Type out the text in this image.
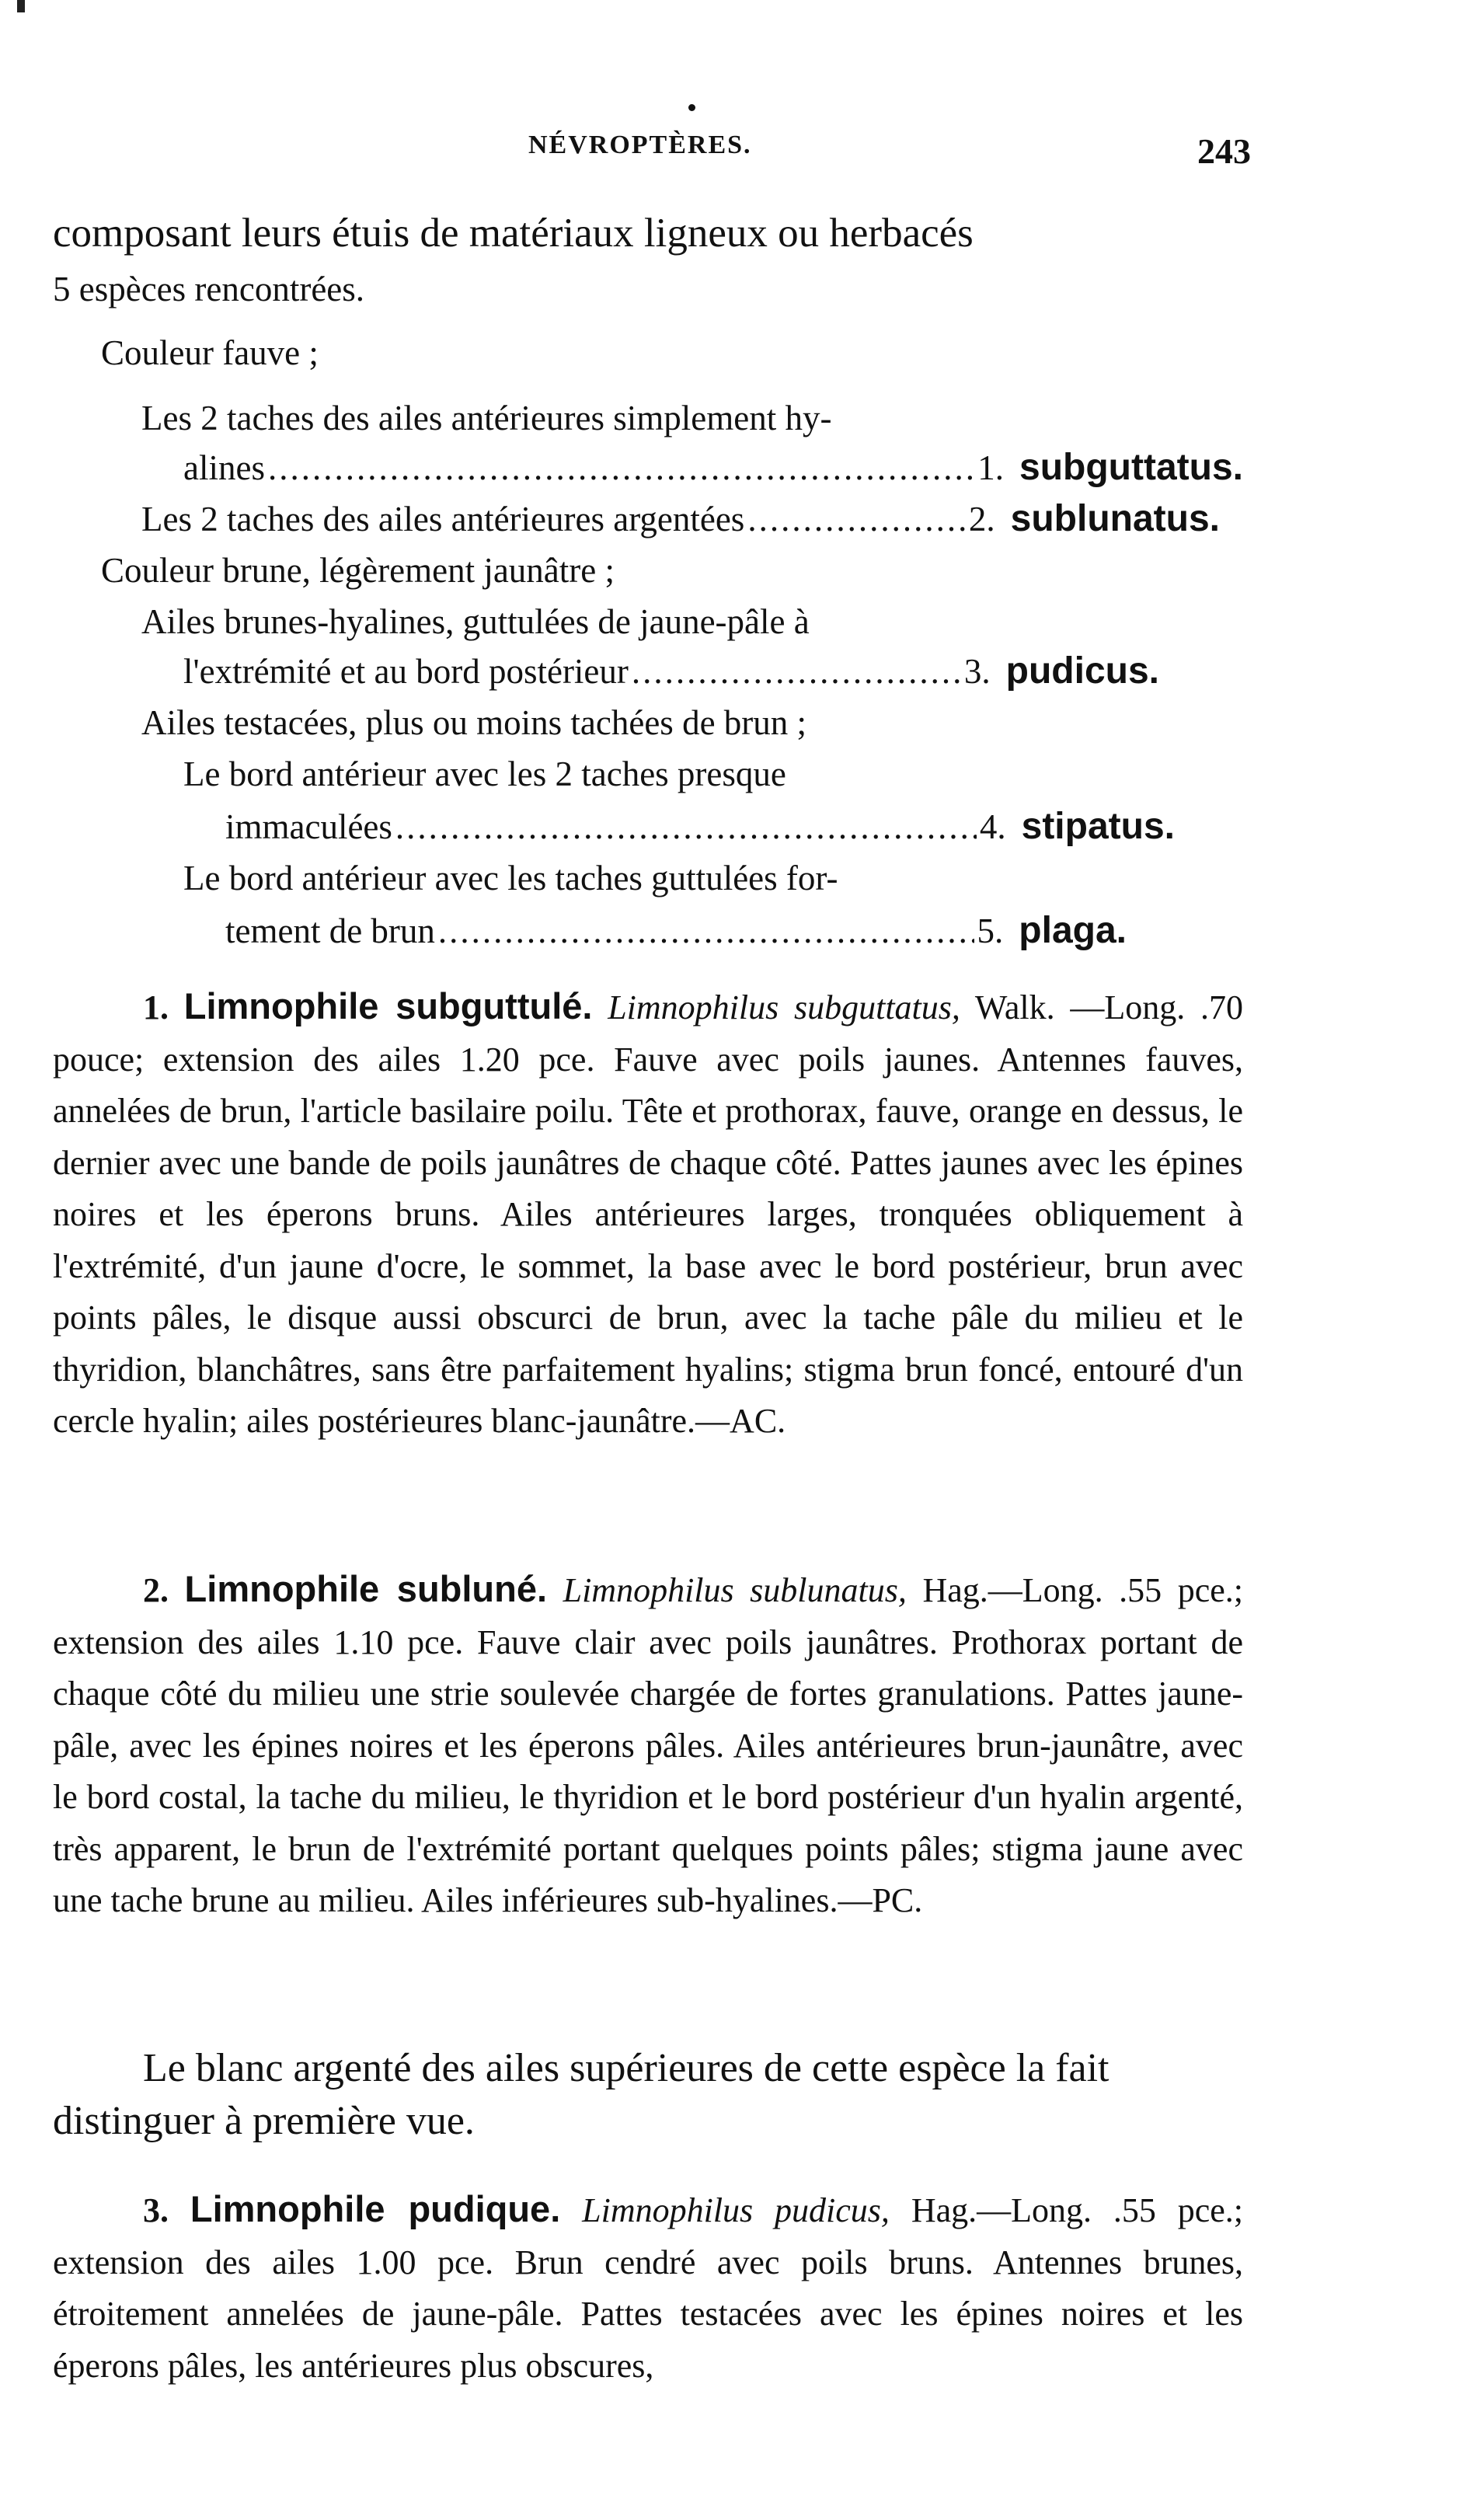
NÉVROPTÈRES.	243
composant leurs étuis de matériaux ligneux ou herbacés
5 espèces rencontrées.
Couleur fauve ;
Les 2 taches des ailes antérieures simplement hy-
alines .....	1. subguttatus.
Les 2 taches des ailes antérieures argentées .....	2. sublunatus.
Couleur brune, légèrement jaunâtre ;
Ailes brunes-hyalines, guttulées de jaune-pâle à
l'extrémité et au bord postérieur .....	3. pudicus.
Ailes testacées, plus ou moins tachées de brun ;
Le bord antérieur avec les 2 taches presque
immaculées .....	4. stipatus.
Le bord antérieur avec les taches guttulées for-
tement de brun .....	5. plaga.

1. Limnophile subguttulé. Limnophilus subguttatus, Walk. —Long. .70 pouce; extension des ailes 1.20 pce. Fauve avec poils jaunes. Antennes fauves, annelées de brun, l'article basilaire poilu. Tête et prothorax, fauve, orange en dessus, le dernier avec une bande de poils jaunâtres de chaque côté. Pattes jaunes avec les épines noires et les éperons bruns. Ailes antérieures larges, tronquées obliquement à l'extrémité, d'un jaune d'ocre, le sommet, la base avec le bord postérieur, brun avec points pâles, le disque aussi obscurci de brun, avec la tache pâle du milieu et le thyridion, blanchâtres, sans être parfaitement hyalins; stigma brun foncé, entouré d'un cercle hyalin; ailes postérieures blanc-jaunâtre.—AC.

2. Limnophile subluné. Limnophilus sublunatus, Hag.—Long. .55 pce.; extension des ailes 1.10 pce. Fauve clair avec poils jaunâtres. Prothorax portant de chaque côté du milieu une strie soulevée chargée de fortes granulations. Pattes jaune-pâle, avec les épines noires et les éperons pâles. Ailes antérieures brun-jaunâtre, avec le bord costal, la tache du milieu, le thyridion et le bord postérieur d'un hyalin argenté, très apparent, le brun de l'extrémité portant quelques points pâles; stigma jaune avec une tache brune au milieu. Ailes inférieures sub-hyalines.—PC.

Le blanc argenté des ailes supérieures de cette espèce la fait distinguer à première vue.

3. Limnophile pudique. Limnophilus pudicus, Hag.—Long. .55 pce.; extension des ailes 1.00 pce. Brun cendré avec poils bruns. Antennes brunes, étroitement annelées de jaune-pâle. Pattes testacées avec les épines noires et les éperons pâles, les antérieures plus obscures,
